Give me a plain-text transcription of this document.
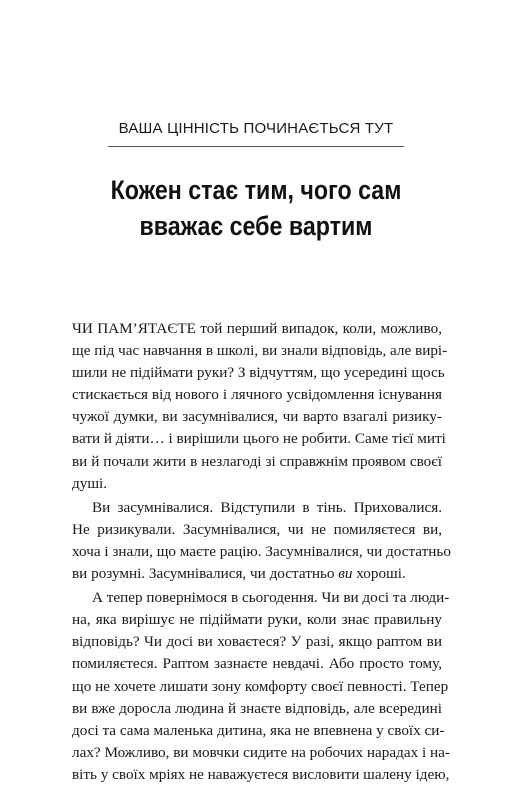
ВАША ЦІННІСТЬ ПОЧИНАЄТЬСЯ ТУТ
Кожен стає тим, чого сам
вважає себе вартим
ЧИ ПАМ’ЯТАЄТЕ той перший випадок, коли, можливо,
ще під час навчання в школі, ви знали відповідь, але вирі-
шили не підіймати руки? З відчуттям, що усередині щось
стискається від нового і лячного усвідомлення існування
чужої думки, ви засумнівалися, чи варто взагалі ризику-
вати й діяти… і вирішили цього не робити. Саме тієї миті
ви й почали жити в незлагоді зі справжнім проявом своєї
душі.
Ви засумнівалися. Відступили в тінь. Приховалися.
Не ризикували. Засумнівалися, чи не помиляєтеся ви,
хоча і знали, що маєте рацію. Засумнівалися, чи достатньо
ви розумні. Засумнівалися, чи достатньо ви хороші.
А тепер повернімося в сьогодення. Чи ви досі та люди-
на, яка вирішує не підіймати руки, коли знає правильну
відповідь? Чи досі ви ховаєтеся? У разі, якщо раптом ви
помиляєтеся. Раптом зазнаєте невдачі. Або просто тому,
що не хочете лишати зону комфорту своєї певності. Тепер
ви вже доросла людина й знаєте відповідь, але всередині
досі та сама маленька дитина, яка не впевнена у своїх си-
лах? Можливо, ви мовчки сидите на робочих нарадах і на-
віть у своїх мріях не наважуєтеся висловити шалену ідею,
